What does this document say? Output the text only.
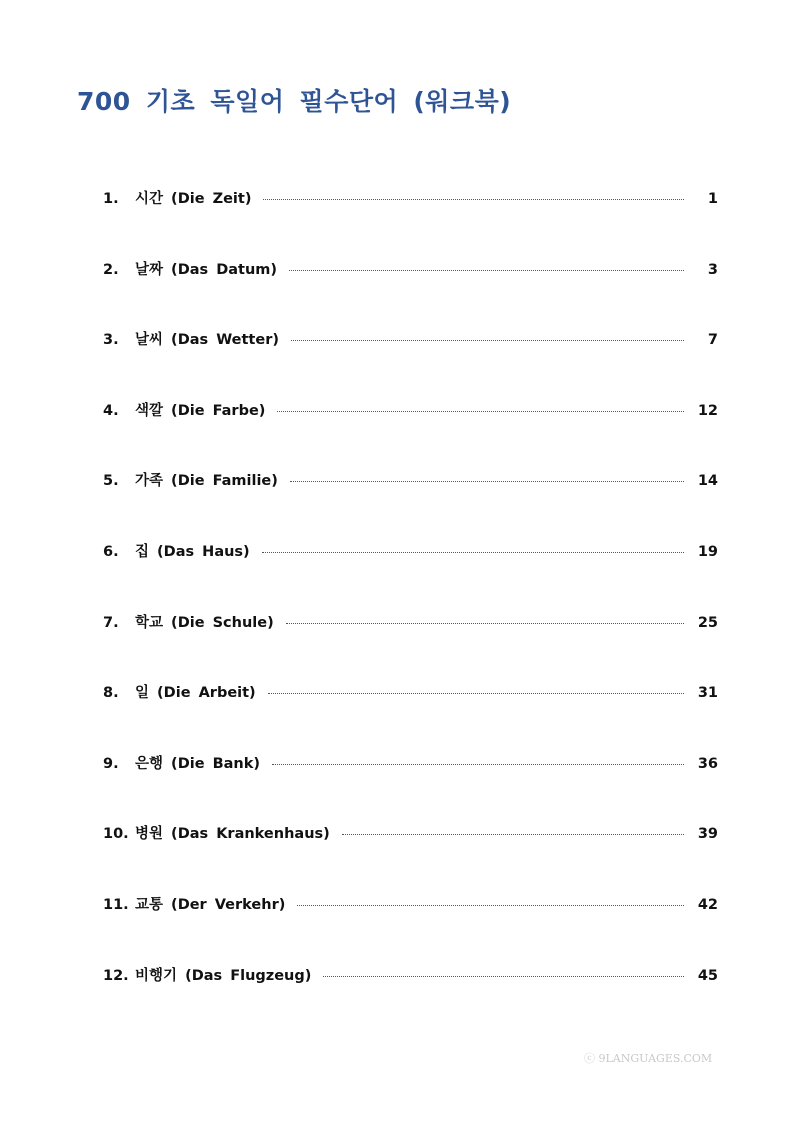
700 기초 독일어 필수단어 (워크북)
1.	시간 (Die Zeit)	1
2.	날짜 (Das Datum)	3
3.	날씨 (Das Wetter)	7
4.	색깔 (Die Farbe)	12
5.	가족 (Die Familie)	14
6.	집 (Das Haus)	19
7.	학교 (Die Schule)	25
8.	일 (Die Arbeit)	31
9.	은행 (Die Bank)	36
10. 병원 (Das Krankenhaus)	39
11. 교통 (Der Verkehr)	42
12. 비행기 (Das Flugzeug)	45
ⓒ 9LANGUAGES.COM
